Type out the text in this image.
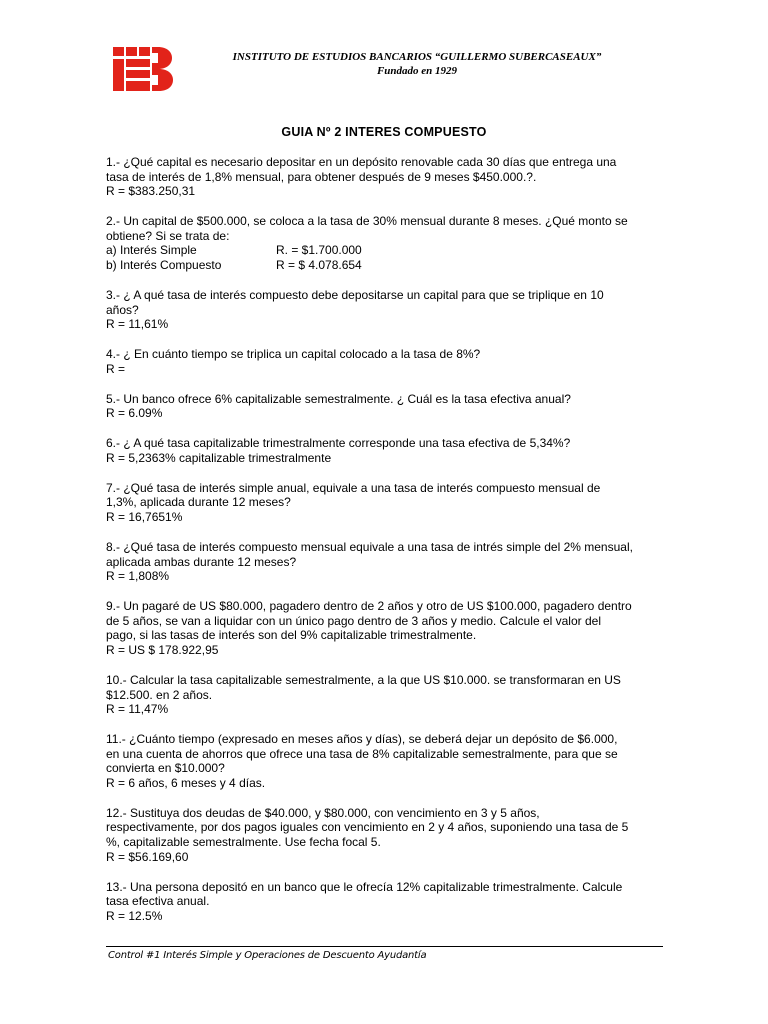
INSTITUTO DE ESTUDIOS BANCARIOS “GUILLERMO SUBERCASEAUX”
Fundado en 1929
GUIA Nº 2 INTERES COMPUESTO

1.- ¿Qué capital es necesario depositar en un depósito renovable cada 30 días que entrega una
tasa de interés de 1,8% mensual, para obtener después de 9 meses $450.000.?.

R = $383.250,31

2.- Un capital de $500.000, se coloca a la tasa de 30% mensual durante 8 meses. ¿Qué monto se
obtiene? Si se trata de:

a) Interés Simple	R. = $1.700.000
b) Interés Compuesto	R = $ 4.078.654

3.- ¿ A qué tasa de interés compuesto debe depositarse un capital para que se triplique en 10
años?

R = 11,61%

4.- ¿ En cuánto tiempo se triplica un capital colocado a la tasa de 8%?

R =

5.- Un banco ofrece 6% capitalizable semestralmente. ¿ Cuál es la tasa efectiva anual?

R = 6.09%

6.- ¿ A qué tasa capitalizable trimestralmente corresponde una tasa efectiva de 5,34%?

R = 5,2363% capitalizable trimestralmente

7.- ¿Qué tasa de interés simple anual, equivale a una tasa de interés compuesto mensual de
1,3%, aplicada durante 12 meses?

R = 16,7651%

8.- ¿Qué tasa de interés compuesto mensual equivale a una tasa de intrés simple del 2% mensual,
aplicada ambas durante 12 meses?

R = 1,808%

9.- Un pagaré de US $80.000, pagadero dentro de 2 años y otro de US $100.000, pagadero dentro
de 5 años, se van a liquidar con un único pago dentro de 3 años y medio. Calcule el valor del
pago, si las tasas de interés son del 9% capitalizable trimestralmente.

R = US $ 178.922,95

10.- Calcular la tasa capitalizable semestralmente, a la que US $10.000. se transformaran en US
$12.500. en 2 años.

R = 11,47%

11.- ¿Cuánto tiempo (expresado en meses años y días), se deberá dejar un depósito de $6.000,
en una cuenta de ahorros que ofrece una tasa de 8% capitalizable semestralmente, para que se
convierta en $10.000?

R = 6 años, 6 meses y 4 días.

12.- Sustituya dos deudas de $40.000, y $80.000, con vencimiento en 3 y 5 años,
respectivamente, por dos pagos iguales con vencimiento en 2 y 4 años, suponiendo una tasa de 5
%, capitalizable semestralmente. Use fecha focal 5.

R = $56.169,60

13.- Una persona depositó en un banco que le ofrecía 12% capitalizable trimestralmente. Calcule
tasa efectiva anual.

R = 12.5%

Control #1 Interés Simple y Operaciones de Descuento Ayudantía
